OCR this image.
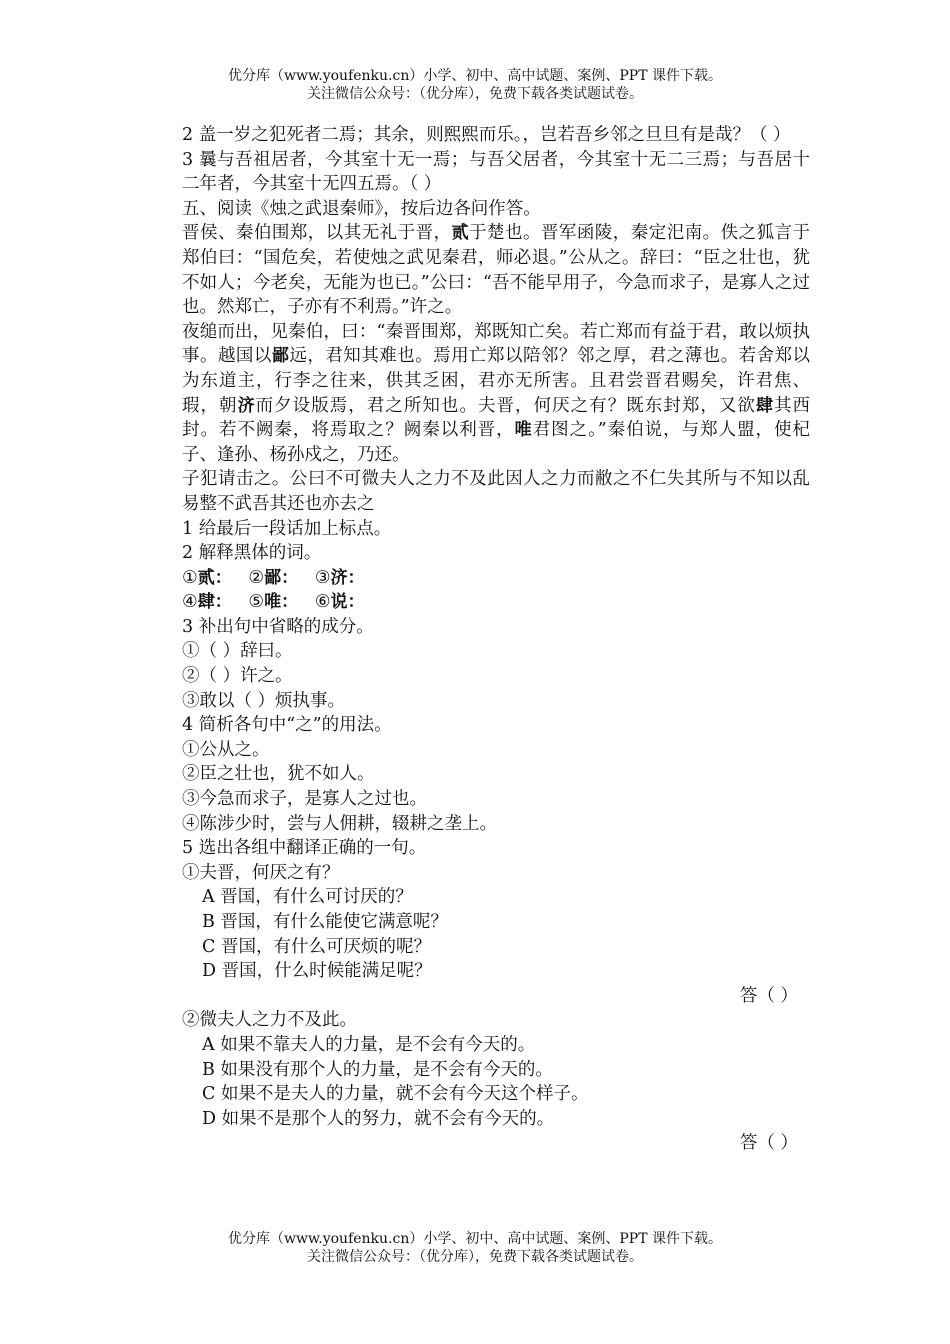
优分库（www.youfenku.cn）小学、初中、高中试题、案例、PPT 课件下载。
关注微信公众号：（优分库），免费下载各类试题试卷。

2 盖一岁之犯死者二焉；其余，则熙熙而乐。，岂若吾乡邻之旦旦有是哉？（ ）

3 曩与吾祖居者，今其室十无一焉；与吾父居者，今其室十无二三焉；与吾居十二年者，今其室十无四五焉。（ ）

五、阅读《烛之武退秦师》，按后边各问作答。

晋侯、秦伯围郑，以其无礼于晋，贰于楚也。晋军函陵，秦定汜南。佚之狐言于郑伯曰：“国危矣，若使烛之武见秦君，师必退。”公从之。辞曰：“臣之壮也，犹不如人；今老矣，无能为也已。”公曰：“吾不能早用子，今急而求子，是寡人之过也。然郑亡，子亦有不利焉。”许之。

夜缒而出，见秦伯，曰：“秦晋围郑，郑既知亡矣。若亡郑而有益于君，敢以烦执事。越国以鄙远，君知其难也。焉用亡郑以陪邻？邻之厚，君之薄也。若舍郑以为东道主，行李之往来，供其乏困，君亦无所害。且君尝晋君赐矣，许君焦、瑕，朝济而夕设版焉，君之所知也。夫晋，何厌之有？既东封郑，又欲肆其西封。若不阙秦，将焉取之？阙秦以利晋，唯君图之。”秦伯说，与郑人盟，使杞子、逢孙、杨孙戍之，乃还。

子犯请击之。公曰不可微夫人之力不及此因人之力而敝之不仁失其所与不知以乱易整不武吾其还也亦去之

1 给最后一段话加上标点。

2 解释黑体的词。

①贰： ②鄙： ③济：

④肆： ⑤唯： ⑥说：

3 补出句中省略的成分。

①（ ）辞曰。

②（ ）许之。

③敢以（ ）烦执事。

4 简析各句中“之”的用法。

①公从之。

②臣之壮也，犹不如人。

③今急而求子，是寡人之过也。

④陈涉少时，尝与人佣耕，辍耕之垄上。

5 选出各组中翻译正确的一句。

①夫晋，何厌之有？

A 晋国，有什么可讨厌的？

B 晋国，有什么能使它满意呢？

C 晋国，有什么可厌烦的呢？

D 晋国，什么时候能满足呢？

答（ ）

②微夫人之力不及此。

A 如果不靠夫人的力量，是不会有今天的。

B 如果没有那个人的力量，是不会有今天的。

C 如果不是夫人的力量，就不会有今天这个样子。

D 如果不是那个人的努力，就不会有今天的。

答（ ）

优分库（www.youfenku.cn）小学、初中、高中试题、案例、PPT 课件下载。
关注微信公众号：（优分库），免费下载各类试题试卷。
